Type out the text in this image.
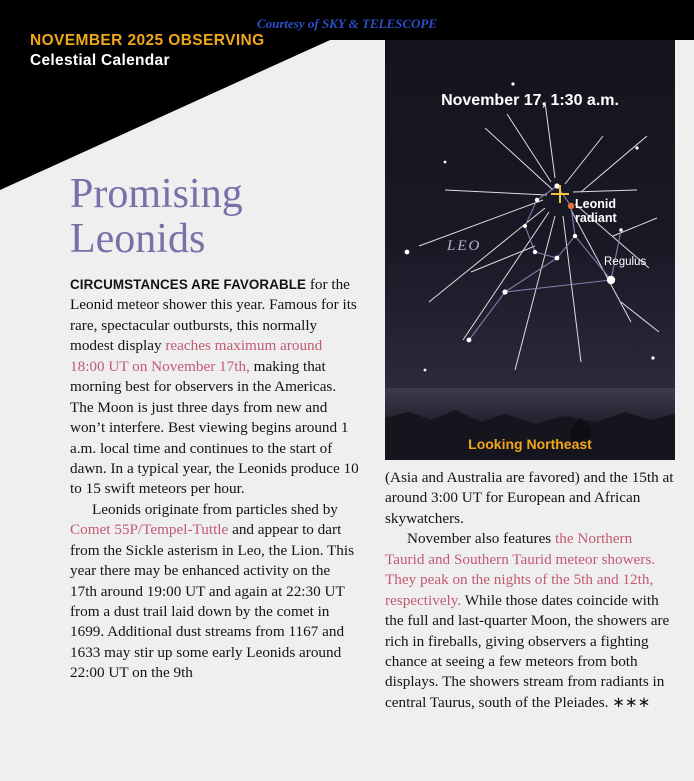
Courtesy of SKY & TELESCOPE
NOVEMBER 2025 OBSERVING
Celestial Calendar
Promising
Leonids

CIRCUMSTANCES ARE FAVORABLE for the Leonid meteor shower this year. Famous for its rare, spectacular outbursts, this normally modest display reaches maximum around 18:00 UT on November 17th, making that morning best for observers in the Americas. The Moon is just three days from new and won’t interfere. Best viewing begins around 1 a.m. local time and continues to the start of dawn. In a typical year, the Leonids produce 10 to 15 swift meteors per hour.

Leonids originate from particles shed by Comet 55P/Tempel-Tuttle and appear to dart from the Sickle asterism in Leo, the Lion. This year there may be enhanced activity on the 17th around 19:00 UT and again at 22:30 UT from a dust trail laid down by the comet in 1699. Additional dust streams from 1167 and 1633 may stir up some early Leonids around 22:00 UT on the 9th

(Asia and Australia are favored) and the 15th at around 3:00 UT for European and African skywatchers.

November also features the Northern Taurid and Southern Taurid meteor showers. They peak on the nights of the 5th and 12th, respectively. While those dates coincide with the full and last-quarter Moon, the showers are rich in fireballs, giving observers a fighting chance at seeing a few meteors from both displays. The showers stream from radiants in central Taurus, south of the Pleiades. ∗∗∗

November 17, 1:30 a.m.
LEO
Leonid
radiant
Regulus
Looking Northeast
